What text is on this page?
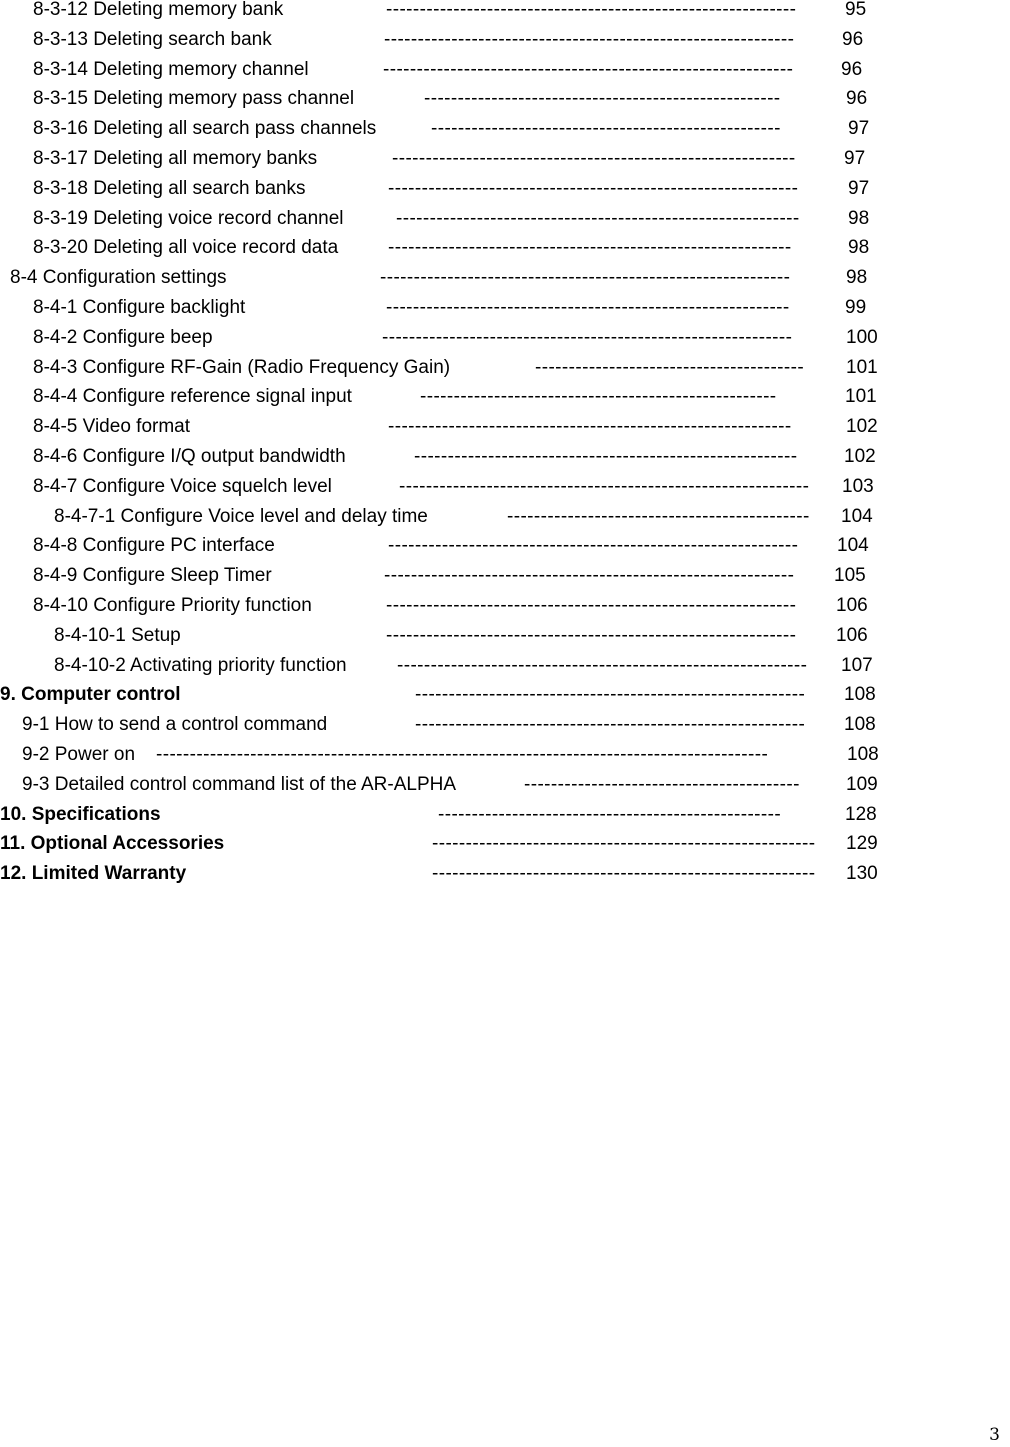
8-3-12 Deleting memory bank	-------------------------------------------------------------	95
8-3-13 Deleting search bank	-------------------------------------------------------------	96
8-3-14 Deleting memory channel	-------------------------------------------------------------	96
8-3-15 Deleting memory pass channel	-----------------------------------------------------	96
8-3-16 Deleting all search pass channels	----------------------------------------------------	97
8-3-17 Deleting all memory banks	------------------------------------------------------------	97
8-3-18 Deleting all search banks	-------------------------------------------------------------	97
8-3-19 Deleting voice record channel	------------------------------------------------------------	98
8-3-20 Deleting all voice record data	------------------------------------------------------------	98
8-4 Configuration settings	-------------------------------------------------------------	98
8-4-1 Configure backlight	------------------------------------------------------------	99
8-4-2 Configure beep	-------------------------------------------------------------	100
8-4-3 Configure RF-Gain (Radio Frequency Gain)	----------------------------------------	101
8-4-4 Configure reference signal input	-----------------------------------------------------	101
8-4-5 Video format	------------------------------------------------------------	102
8-4-6 Configure I/Q output bandwidth	---------------------------------------------------------	102
8-4-7 Configure Voice squelch level	-------------------------------------------------------------	103
8-4-7-1 Configure Voice level and delay time	---------------------------------------------	104
8-4-8 Configure PC interface	-------------------------------------------------------------	104
8-4-9 Configure Sleep Timer	-------------------------------------------------------------	105
8-4-10 Configure Priority function	-------------------------------------------------------------	106
8-4-10-1 Setup	-------------------------------------------------------------	106
8-4-10-2 Activating priority function	-------------------------------------------------------------	107
9. Computer control	----------------------------------------------------------	108
9-1 How to send a control command	----------------------------------------------------------	108
9-2 Power on -------------------------------------------------------------------------------------------	108
9-3 Detailed control command list of the AR-ALPHA	-----------------------------------------	109
10. Specifications	---------------------------------------------------	128
11. Optional Accessories	---------------------------------------------------------	129
12. Limited Warranty	---------------------------------------------------------	130
3
